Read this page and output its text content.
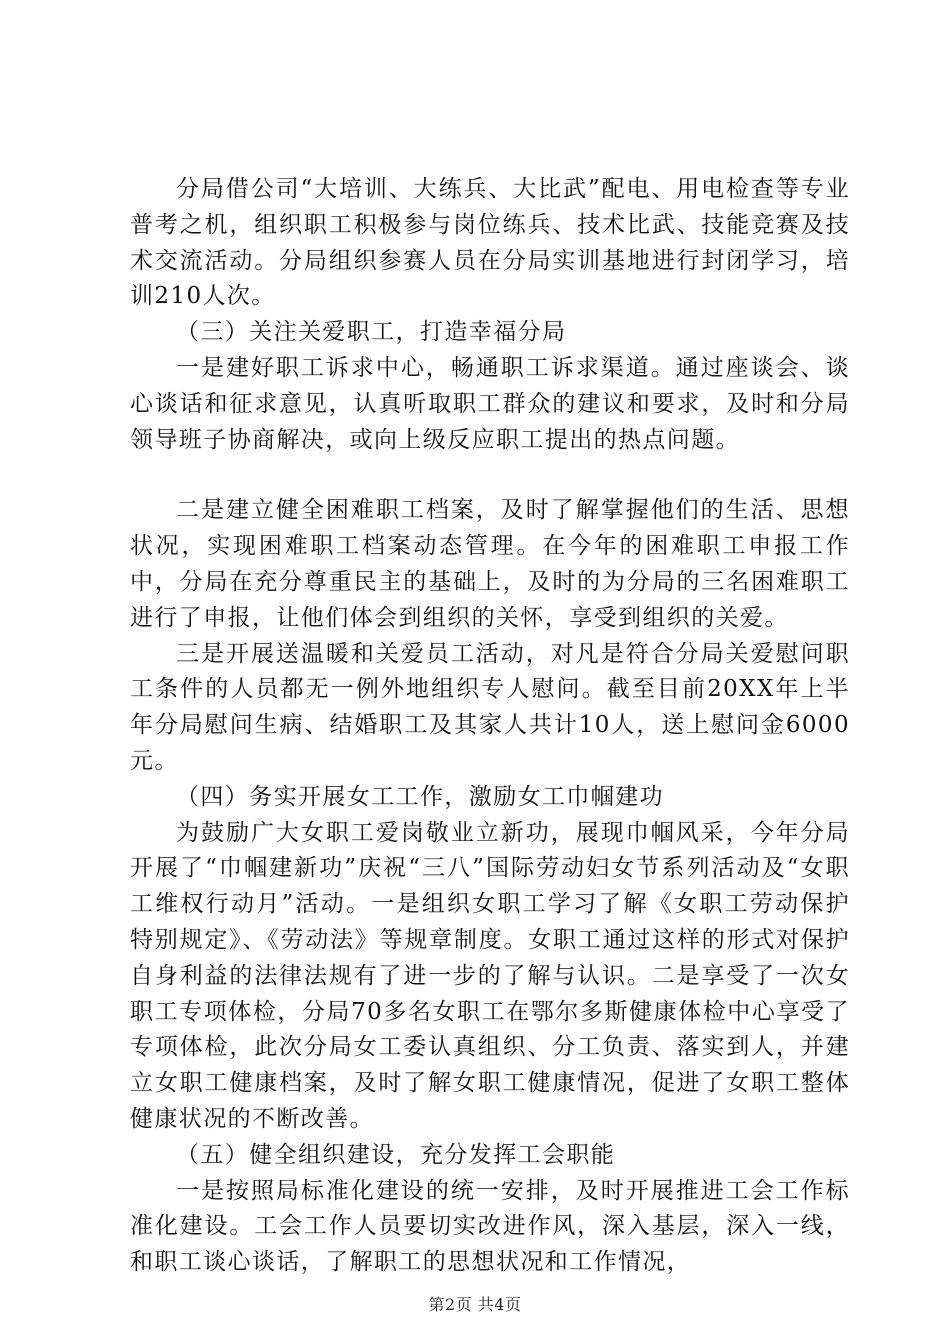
分局借公司“大培训、大练兵、大比武”配电、用电检查等专业普考之机，组织职工积极参与岗位练兵、技术比武、技能竞赛及技术交流活动。分局组织参赛人员在分局实训基地进行封闭学习，培训210人次。

（三）关注关爱职工，打造幸福分局

一是建好职工诉求中心，畅通职工诉求渠道。通过座谈会、谈心谈话和征求意见，认真听取职工群众的建议和要求，及时和分局领导班子协商解决，或向上级反应职工提出的热点问题。

二是建立健全困难职工档案，及时了解掌握他们的生活、思想状况，实现困难职工档案动态管理。在今年的困难职工申报工作中，分局在充分尊重民主的基础上，及时的为分局的三名困难职工进行了申报，让他们体会到组织的关怀，享受到组织的关爱。

三是开展送温暖和关爱员工活动，对凡是符合分局关爱慰问职工条件的人员都无一例外地组织专人慰问。截至目前20XX年上半年分局慰问生病、结婚职工及其家人共计10人，送上慰问金6000元。

（四）务实开展女工工作，激励女工巾帼建功

为鼓励广大女职工爱岗敬业立新功，展现巾帼风采，今年分局开展了“巾帼建新功”庆祝“三八”国际劳动妇女节系列活动及“女职工维权行动月”活动。一是组织女职工学习了解《女职工劳动保护特别规定》、《劳动法》等规章制度。女职工通过这样的形式对保护自身利益的法律法规有了进一步的了解与认识。二是享受了一次女职工专项体检，分局70多名女职工在鄂尔多斯健康体检中心享受了专项体检，此次分局女工委认真组织、分工负责、落实到人，并建立女职工健康档案，及时了解女职工健康情况，促进了女职工整体健康状况的不断改善。

（五）健全组织建设，充分发挥工会职能

一是按照局标准化建设的统一安排，及时开展推进工会工作标准化建设。工会工作人员要切实改进作风，深入基层，深入一线，和职工谈心谈话，了解职工的思想状况和工作情况，

第2页 共4页
